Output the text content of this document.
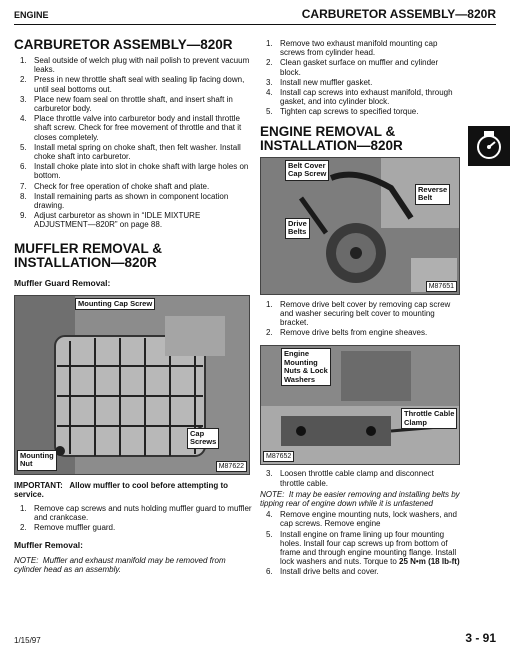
ENGINE	CARBURETOR ASSEMBLY—820R
CARBURETOR ASSEMBLY—820R
1. Seal outside of welch plug with nail polish to prevent vacuum leaks.
2. Press in new throttle shaft seal with sealing lip facing down, until seal bottoms out.
3. Place new foam seal on throttle shaft, and insert shaft in carburetor body.
4. Place throttle valve into carburetor body and install throttle shaft screw. Check for free movement of throttle and that it closes completely.
5. Install metal spring on choke shaft, then felt washer. Install choke shaft into carburetor.
6. Install choke plate into slot in choke shaft with large holes on bottom.
7. Check for free operation of choke shaft and plate.
8. Install remaining parts as shown in component location drawing.
9. Adjust carburetor as shown in “IDLE MIXTURE ADJUSTMENT—820R” on page 88.
MUFFLER REMOVAL &
INSTALLATION—820R
Muffler Guard Removal:
Mounting Cap Screw
Cap
Screws
Mounting
Nut	M87622
IMPORTANT: Allow muffler to cool before attempting to service.
1. Remove cap screws and nuts holding muffler guard to muffler and crankcase.
2. Remove muffler guard.
Muffler Removal:
NOTE: Muffler and exhaust manifold may be removed from cylinder head as an assembly.
1. Remove two exhaust manifold mounting cap screws from cylinder head.
2. Clean gasket surface on muffler and cylinder block.
3. Install new muffler gasket.
4. Install cap screws into exhaust manifold, through gasket, and into cylinder block.
5. Tighten cap screws to specified torque.
ENGINE REMOVAL &
INSTALLATION—820R
Belt Cover
Cap Screw
Reverse
Belt
Drive
Belts
M87651
1. Remove drive belt cover by removing cap screw and washer securing belt cover to mounting bracket.
2. Remove drive belts from engine sheaves.
Engine
Mounting
Nuts & Lock
Washers
Throttle Cable
Clamp
M87652
3. Loosen throttle cable clamp and disconnect throttle cable.
NOTE: It may be easier removing and installing belts by tipping rear of engine down while it is unfastened
4. Remove engine mounting nuts, lock washers, and cap screws. Remove engine
5. Install engine on frame lining up four mounting holes. Install four cap screws up from bottom of frame and through engine mounting flange. Install lock washers and nuts. Torque to 25 N•m (18 lb-ft)
6. Install drive belts and cover.
1/15/97	3 - 91
